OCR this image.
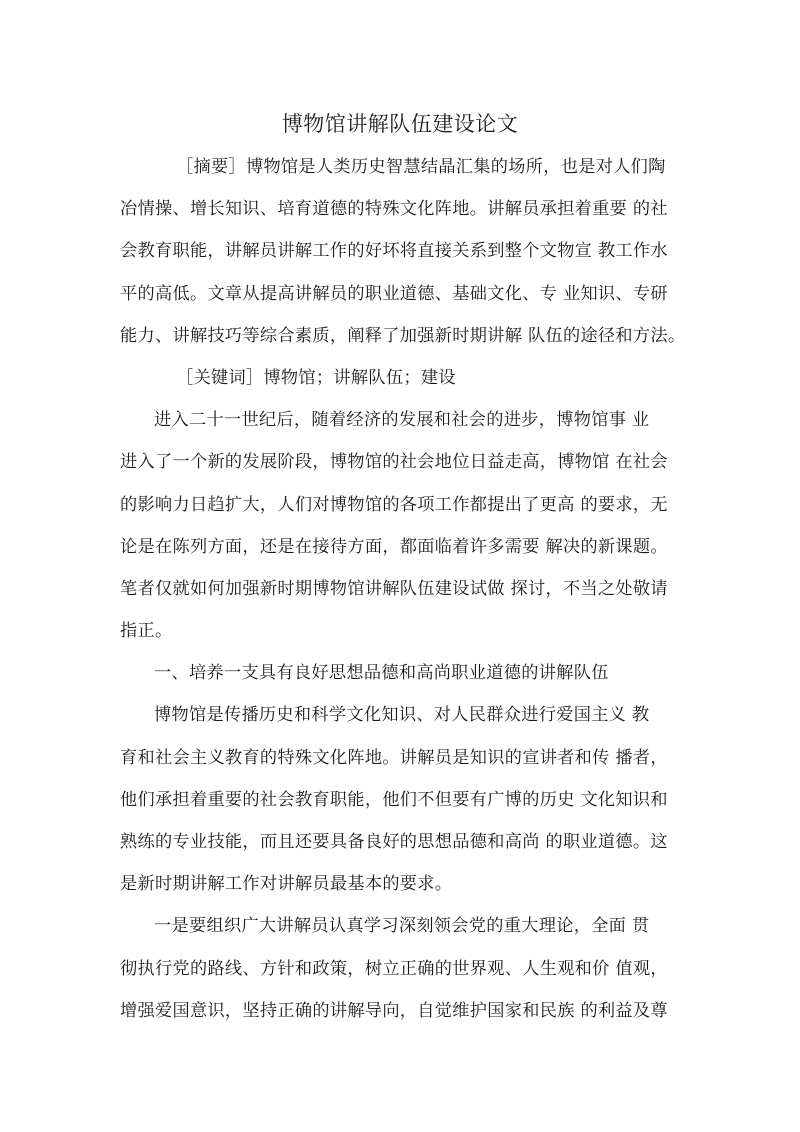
博物馆讲解队伍建设论文
［摘要］博物馆是人类历史智慧结晶汇集的场所，也是对人们陶
冶情操、增长知识、培育道德的特殊文化阵地。讲解员承担着重要 的社
会教育职能，讲解员讲解工作的好坏将直接关系到整个文物宣 教工作水
平的高低。文章从提高讲解员的职业道德、基础文化、专 业知识、专研
能力、讲解技巧等综合素质，阐释了加强新时期讲解 队伍的途径和方法。
［关键词］博物馆；讲解队伍；建设
进入二十一世纪后，随着经济的发展和社会的进步，博物馆事 业
进入了一个新的发展阶段，博物馆的社会地位日益走高，博物馆 在社会
的影响力日趋扩大，人们对博物馆的各项工作都提出了更高 的要求，无
论是在陈列方面，还是在接待方面，都面临着许多需要 解决的新课题。
笔者仅就如何加强新时期博物馆讲解队伍建设试做 探讨，不当之处敬请
指正。
一、培养一支具有良好思想品德和高尚职业道德的讲解队伍
博物馆是传播历史和科学文化知识、对人民群众进行爱国主义 教
育和社会主义教育的特殊文化阵地。讲解员是知识的宣讲者和传 播者，
他们承担着重要的社会教育职能，他们不但要有广博的历史 文化知识和
熟练的专业技能，而且还要具备良好的思想品德和高尚 的职业道德。这
是新时期讲解工作对讲解员最基本的要求。
一是要组织广大讲解员认真学习深刻领会党的重大理论，全面 贯
彻执行党的路线、方针和政策，树立正确的世界观、人生观和价 值观，
增强爱国意识，坚持正确的讲解导向，自觉维护国家和民族 的利益及尊
